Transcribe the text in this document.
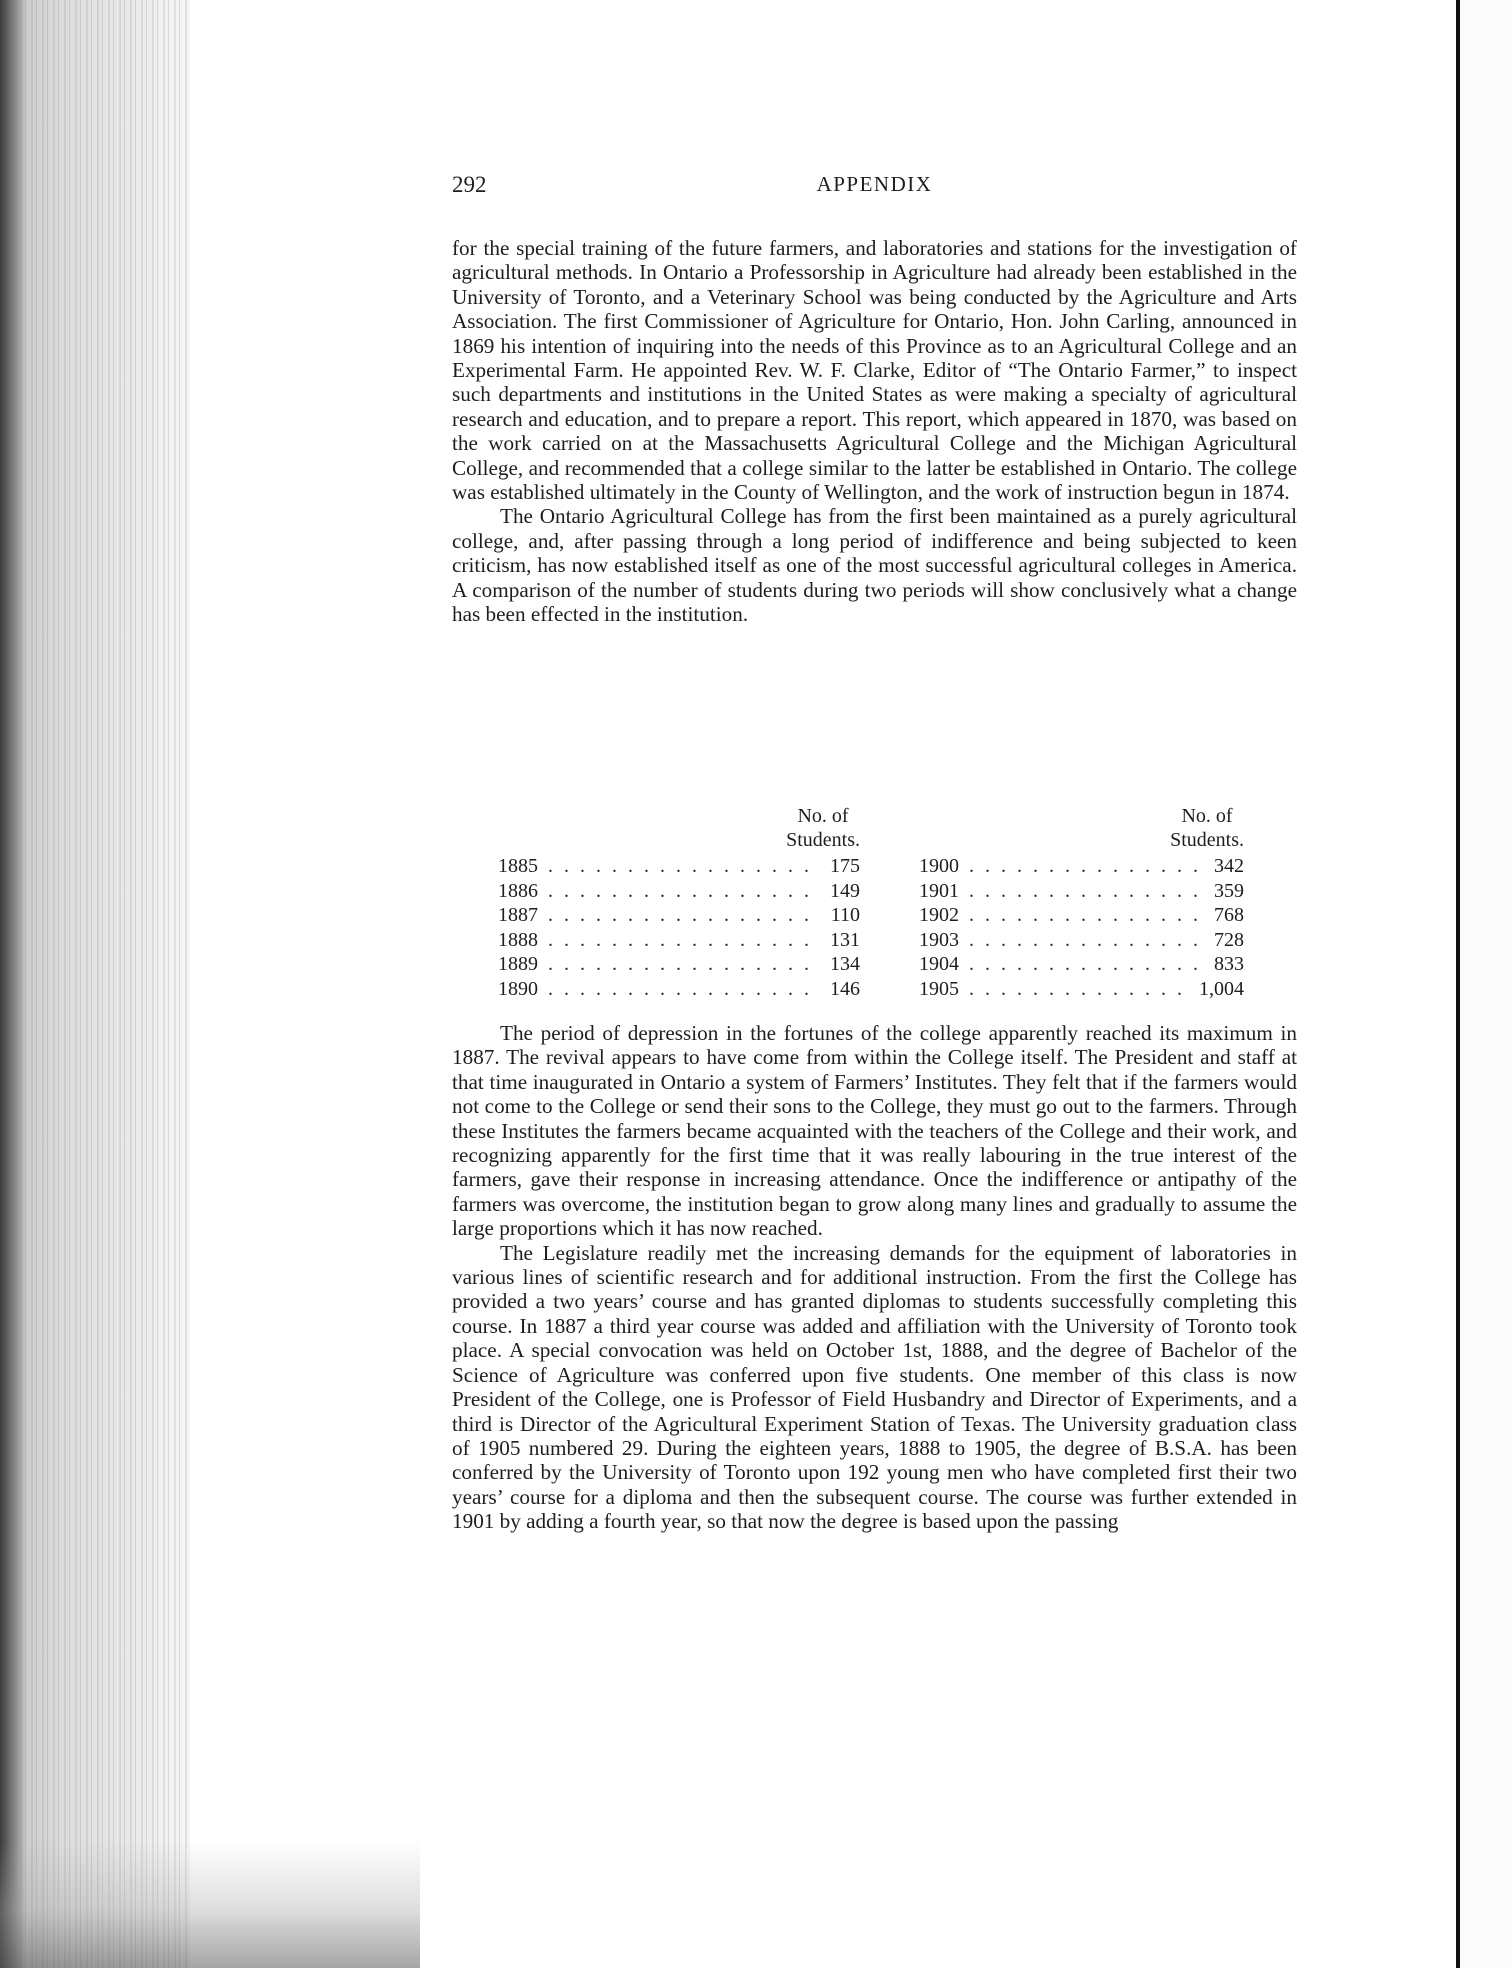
292	APPENDIX

for the special training of the future farmers, and laboratories and stations for the investigation of agricultural methods. In Ontario a Professorship in Agriculture had already been established in the University of Toronto, and a Veterinary School was being conducted by the Agriculture and Arts Association. The first Commissioner of Agriculture for Ontario, Hon. John Carling, announced in 1869 his intention of inquiring into the needs of this Province as to an Agricultural College and an Experimental Farm. He appointed Rev. W. F. Clarke, Editor of “The Ontario Farmer,” to inspect such departments and institutions in the United States as were making a specialty of agricultural research and education, and to prepare a report. This report, which appeared in 1870, was based on the work carried on at the Massachusetts Agricultural College and the Michigan Agricultural College, and recommended that a college similar to the latter be established in Ontario. The college was established ultimately in the County of Wellington, and the work of instruction begun in 1874.

The Ontario Agricultural College has from the first been maintained as a purely agricultural college, and, after passing through a long period of indifference and being subjected to keen criticism, has now established itself as one of the most successful agricultural colleges in America. A comparison of the number of students during two periods will show conclusively what a change has been effected in the institution.

No. of
Students.
1885 . . .	175
1886 . . .	149
1887 . . .	110
1888 . . .	131
1889 . . .	134
1890 . . .	146
No. of
Students.
1900 . . .	342
1901 . . .	359
1902 . . .	768
1903 . . .	728
1904 . . .	833
1905 . . .	1,004

The period of depression in the fortunes of the college apparently reached its maximum in 1887. The revival appears to have come from within the College itself. The President and staff at that time inaugurated in Ontario a system of Farmers’ Institutes. They felt that if the farmers would not come to the College or send their sons to the College, they must go out to the farmers. Through these Institutes the farmers became acquainted with the teachers of the College and their work, and recognizing apparently for the first time that it was really labouring in the true interest of the farmers, gave their response in increasing attendance. Once the indifference or antipathy of the farmers was overcome, the institution began to grow along many lines and gradually to assume the large proportions which it has now reached.

The Legislature readily met the increasing demands for the equipment of laboratories in various lines of scientific research and for additional instruction. From the first the College has provided a two years’ course and has granted diplomas to students successfully completing this course. In 1887 a third year course was added and affiliation with the University of Toronto took place. A special convocation was held on October 1st, 1888, and the degree of Bachelor of the Science of Agriculture was conferred upon five students. One member of this class is now President of the College, one is Professor of Field Husbandry and Director of Experiments, and a third is Director of the Agricultural Experiment Station of Texas. The University graduation class of 1905 numbered 29. During the eighteen years, 1888 to 1905, the degree of B.S.A. has been conferred by the University of Toronto upon 192 young men who have completed first their two years’ course for a diploma and then the subsequent course. The course was further extended in 1901 by adding a fourth year, so that now the degree is based upon the passing
